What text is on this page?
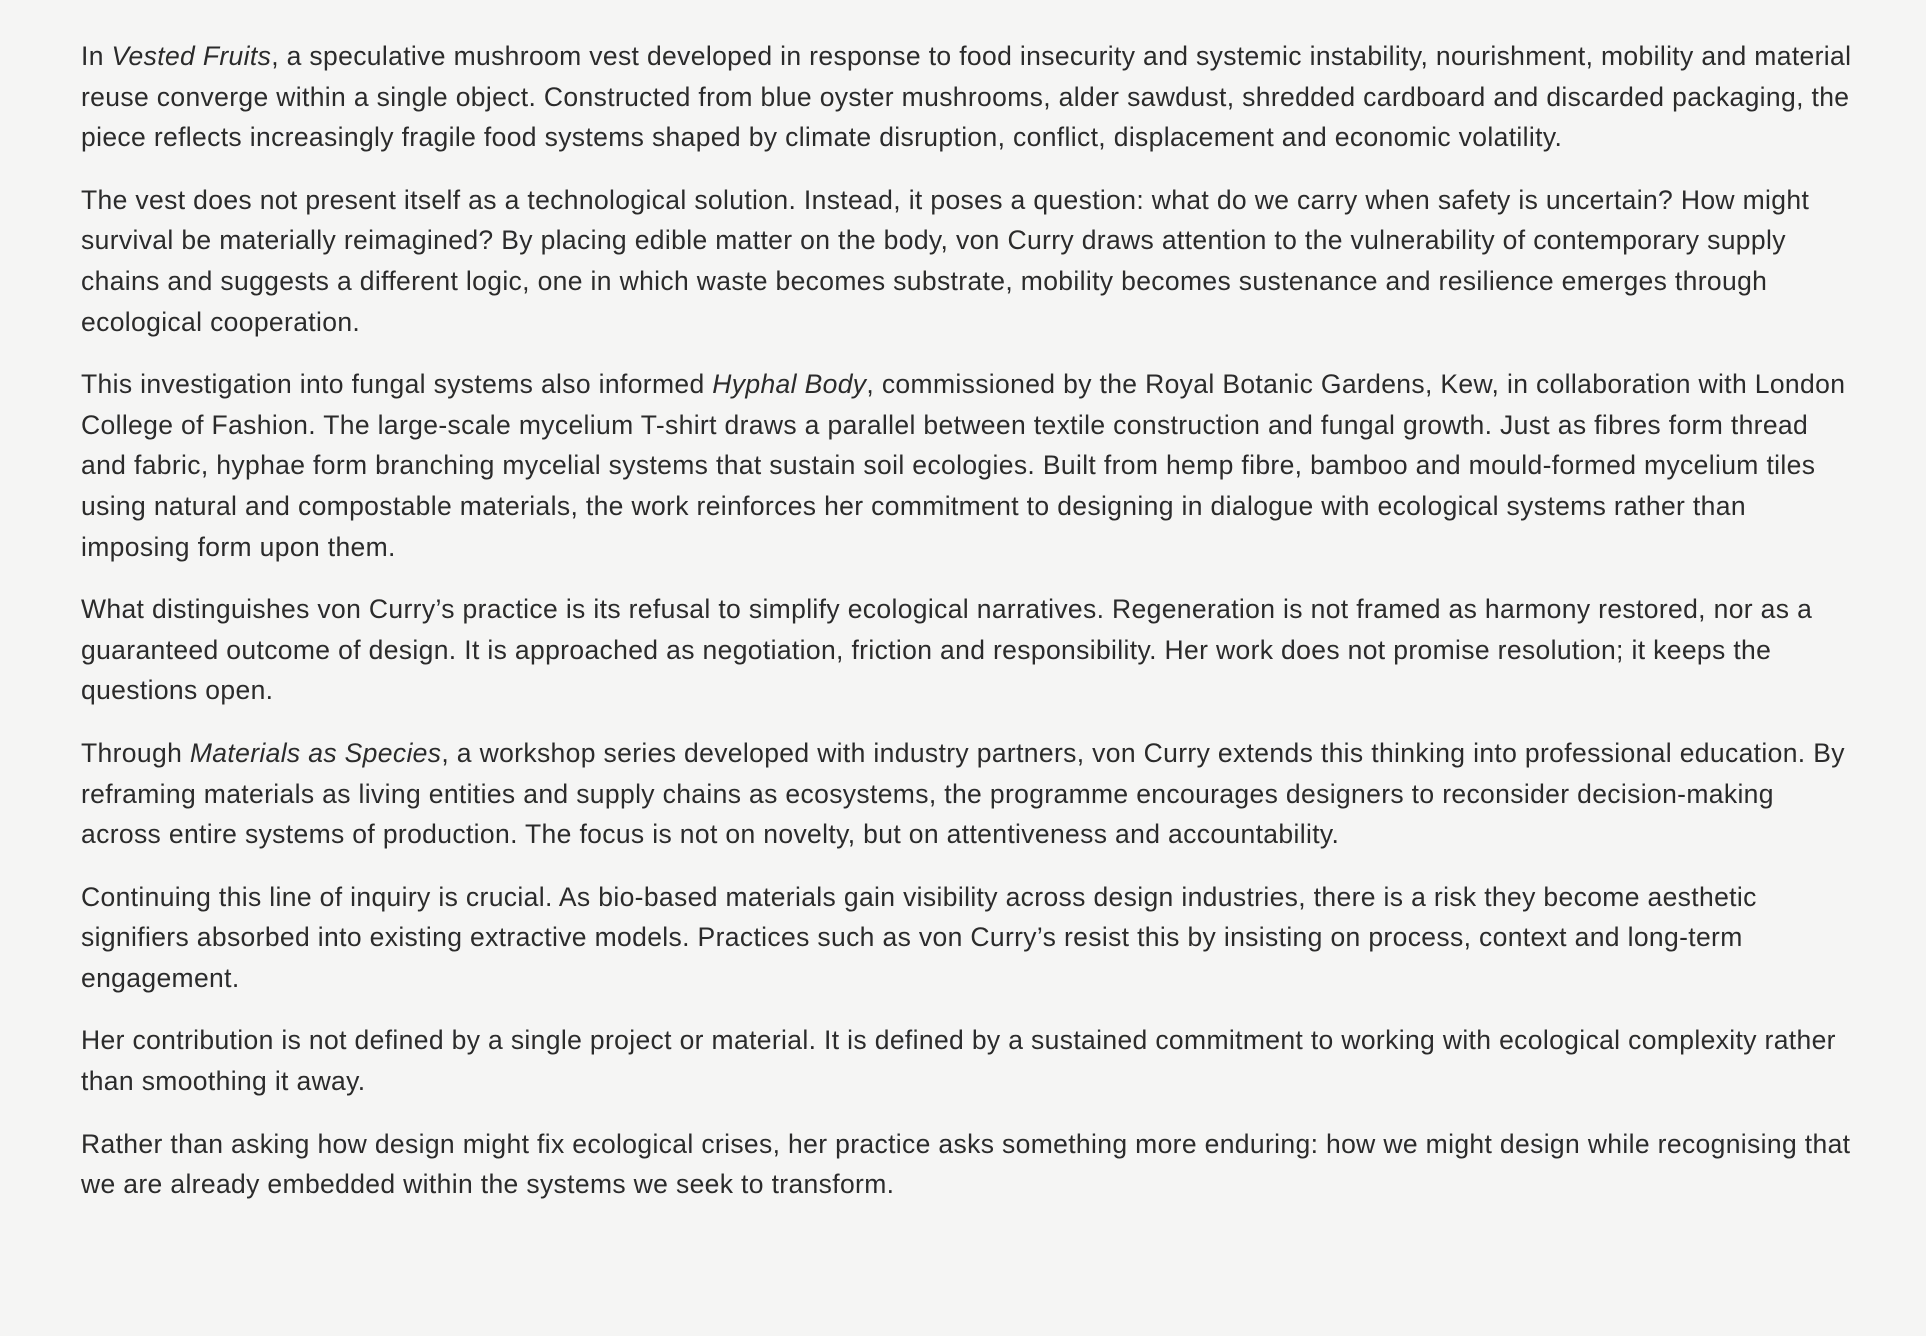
In Vested Fruits, a speculative mushroom vest developed in response to food insecurity and systemic instability, nourishment, mobility and material reuse converge within a single object. Constructed from blue oyster mushrooms, alder sawdust, shredded cardboard and discarded packaging, the piece reflects increasingly fragile food systems shaped by climate disruption, conflict, displacement and economic volatility.

The vest does not present itself as a technological solution. Instead, it poses a question: what do we carry when safety is uncertain? How might survival be materially reimagined? By placing edible matter on the body, von Curry draws attention to the vulnerability of contemporary supply chains and suggests a different logic, one in which waste becomes substrate, mobility becomes sustenance and resilience emerges through ecological cooperation.

This investigation into fungal systems also informed Hyphal Body, commissioned by the Royal Botanic Gardens, Kew, in collaboration with London College of Fashion. The large-scale mycelium T-shirt draws a parallel between textile construction and fungal growth. Just as fibres form thread and fabric, hyphae form branching mycelial systems that sustain soil ecologies. Built from hemp fibre, bamboo and mould-formed mycelium tiles using natural and compostable materials, the work reinforces her commitment to designing in dialogue with ecological systems rather than imposing form upon them.

What distinguishes von Curry’s practice is its refusal to simplify ecological narratives. Regeneration is not framed as harmony restored, nor as a guaranteed outcome of design. It is approached as negotiation, friction and responsibility. Her work does not promise resolution; it keeps the questions open.

Through Materials as Species, a workshop series developed with industry partners, von Curry extends this thinking into professional education. By reframing materials as living entities and supply chains as ecosystems, the programme encourages designers to reconsider decision-making across entire systems of production. The focus is not on novelty, but on attentiveness and accountability.

Continuing this line of inquiry is crucial. As bio-based materials gain visibility across design industries, there is a risk they become aesthetic signifiers absorbed into existing extractive models. Practices such as von Curry’s resist this by insisting on process, context and long-term engagement.

Her contribution is not defined by a single project or material. It is defined by a sustained commitment to working with ecological complexity rather than smoothing it away.

Rather than asking how design might fix ecological crises, her practice asks something more enduring: how we might design while recognising that we are already embedded within the systems we seek to transform.
